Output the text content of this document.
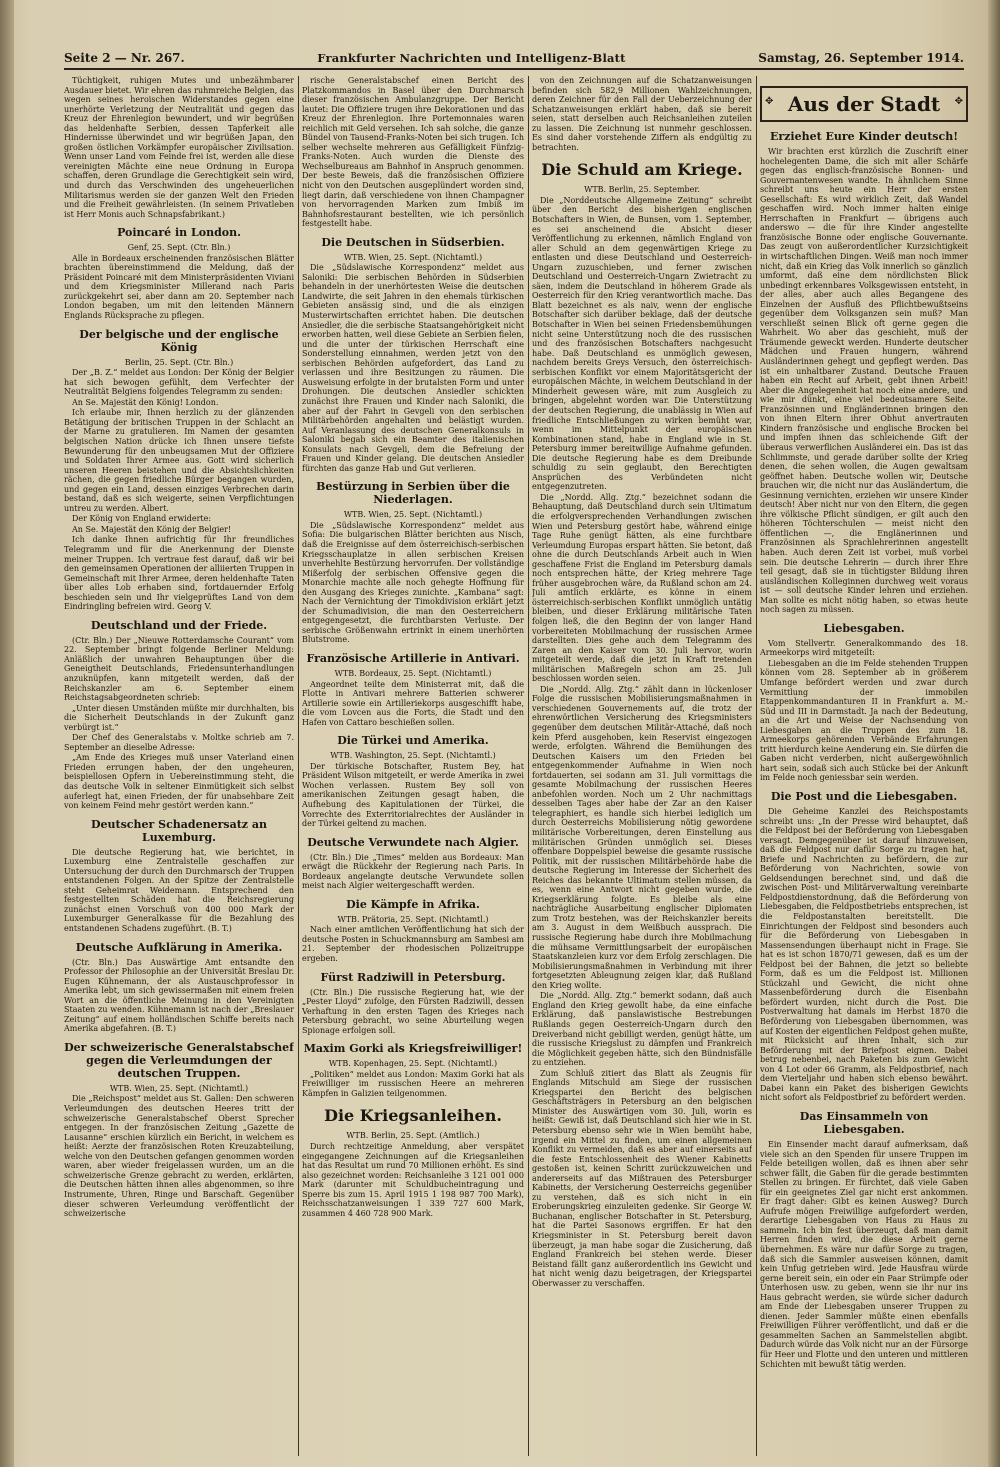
Seite 2 — Nr. 267.	Frankfurter Nachrichten und Intelligenz-Blatt	Samstag, 26. September 1914.

Tüchtigkeit, ruhigen Mutes und unbezähmbarer Ausdauer bietet. Wir ehren das ruhmreiche Belgien, das wegen seines heroischen Widerstandes gegen eine unerhörte Verletzung der Neutralität und gegen das Kreuz der Ehrenlegion bewundert, und wir begrüßen das heldenhafte Serbien, dessen Tapferkeit alle Hindernisse überwindet und wir begrüßen Japan, den großen östlichen Vorkämpfer europäischer Zivilisation. Wenn unser Land vom Feinde frei ist, werden alle diese vereinigten Mächte eine neue Ordnung in Europa schaffen, deren Grundlage die Gerechtigkeit sein wird, und durch das Verschwinden des ungeheuerlichen Militarismus werden sie der ganzen Welt den Frieden und die Freiheit gewährleisten. (In seinem Privatleben ist Herr Monis auch Schnapsfabrikant.)

Poincaré in London.

Genf, 25. Sept. (Ctr. Bln.)

Alle in Bordeaux erscheinenden französischen Blätter brachten übereinstimmend die Meldung, daß der Präsident Poincaré mit dem Ministerpräsidenten Viviani und dem Kriegsminister Millerand nach Paris zurückgekehrt sei, aber dann am 20. September nach London begaben, um mit den leitenden Männern Englands Rücksprache zu pflegen.

Der belgische und der englische König

Berlin, 25. Sept. (Ctr. Bln.)

Der „B. Z.“ meldet aus London: Der König der Belgier hat sich bewogen gefühlt, dem Verfechter der Neutralität Belgiens folgendes Telegramm zu senden:

An Se. Majestät den König! London.

Ich erlaube mir, Ihnen herzlich zu der glänzenden Betätigung der britischen Truppen in der Schlacht an der Marne zu gratulieren. Im Namen der gesamten belgischen Nation drücke ich Ihnen unsere tiefste Bewunderung für den unbeugsamen Mut der Offiziere und Soldaten Ihrer Armee aus. Gott wird sicherlich unseren Heeren beistehen und die Absichtslichkeiten rächen, die gegen friedliche Bürger begangen wurden, und gegen ein Land, dessen einziges Verbrechen darin bestand, daß es sich weigerte, seinen Verpflichtungen untreu zu werden. Albert.

Der König von England erwiderte:

An Se. Majestät den König der Belgier!

Ich danke Ihnen aufrichtig für Ihr freundliches Telegramm und für die Anerkennung der Dienste meiner Truppen. Ich vertraue fest darauf, daß wir bei den gemeinsamen Operationen der alliierten Truppen in Gemeinschaft mit Ihrer Armee, deren heldenhafte Taten über alles Lob erhaben sind, fortdauernder Erfolg beschieden sein und Ihr vielgeprüftes Land von dem Eindringling befreien wird. Georg V.

Deutschland und der Friede.

(Ctr. Bln.) Der „Nieuwe Rotterdamsche Courant“ vom 22. September bringt folgende Berliner Meldung: Anläßlich der unwahren Behauptungen über die Geneigtheit Deutschlands, Friedensunterhandlungen anzuknüpfen, kann mitgeteilt werden, daß der Reichskanzler am 6. September einem Reichstagsabgeordneten schrieb:

„Unter diesen Umständen müßte mir durchhalten, bis die Sicherheit Deutschlands in der Zukunft ganz verbürgt ist.“

Der Chef des Generalstabs v. Moltke schrieb am 7. September an dieselbe Adresse:

„Am Ende des Krieges muß unser Vaterland einen Frieden errungen haben, der den ungeheuren, beispiellosen Opfern in Uebereinstimmung steht, die das deutsche Volk in seltener Einmütigkeit sich selbst auferlegt hat, einen Frieden, der für unabsehbare Zeit von keinem Feind mehr gestört werden kann.“

Deutscher Schadenersatz an Luxemburg.

Die deutsche Regierung hat, wie berichtet, in Luxemburg eine Zentralstelle geschaffen zur Untersuchung der durch den Durchmarsch der Truppen entstandenen Folgen. An der Spitze der Zentralstelle steht Geheimrat Weidemann. Entsprechend den festgestellten Schäden hat die Reichsregierung zunächst einen Vorschuß von 400 000 Mark der Luxemburger Generalkasse für die Bezahlung des entstandenen Schadens zugeführt. (B. T.)

Deutsche Aufklärung in Amerika.

(Ctr. Bln.) Das Auswärtige Amt entsandte den Professor der Philosophie an der Universität Breslau Dr. Eugen Kühnemann, der als Austauschprofessor in Amerika lebt, um sich gewissermaßen mit einem freien Wort an die öffentliche Meinung in den Vereinigten Staaten zu wenden. Kühnemann ist nach der „Breslauer Zeitung“ auf einem holländischen Schiffe bereits nach Amerika abgefahren. (B. T.)

Der schweizerische Generalstabschef gegen die Verleumdungen der deutschen Truppen.

WTB. Wien, 25. Sept. (Nichtamtl.)

Die „Reichspost“ meldet aus St. Gallen: Den schweren Verleumdungen des deutschen Heeres tritt der schweizerische Generalstabschef Oberst Sprecher entgegen. In der französischen Zeitung „Gazette de Lausanne“ erschien kürzlich ein Bericht, in welchem es heißt: Aerzte der französischen Roten Kreuzabteilung, welche von den Deutschen gefangen genommen worden waren, aber wieder freigelassen wurden, um an die schweizerische Grenze gebracht zu werden, erklärten, die Deutschen hätten ihnen alles abgenommen, so ihre Instrumente, Uhren, Ringe und Barschaft. Gegenüber dieser schweren Verleumdung veröffentlicht der schweizerische

rische Generalstabschef einen Bericht des Platzkommandos in Basel über den Durchmarsch dieser französischen Ambulanzgruppe. Der Bericht lautet: Die Offiziere trugen ihre Dekorationen und das Kreuz der Ehrenlegion. Ihre Portemonnaies waren reichlich mit Geld versehen. Ich sah solche, die ganze Bündel von Tausend-Franks-Noten bei sich trugen. Ich selber wechselte mehreren aus Gefälligkeit Fünfzig-Franks-Noten. Auch wurden die Dienste des Wechselbureaus am Bahnhof in Anspruch genommen. Der beste Beweis, daß die französischen Offiziere nicht von den Deutschen ausgeplündert worden sind, liegt darin, daß verschiedene von ihnen Champagner von hervorragenden Marken zum Imbiß im Bahnhofsrestaurant bestellten, wie ich persönlich festgestellt habe.

Die Deutschen in Südserbien.

WTB. Wien, 25. Sept. (Nichtamtl.)

Die „Südslawische Korrespondenz“ meldet aus Saloniki: Die serbischen Behörden in Südserbien behandeln in der unerhörtesten Weise die deutschen Landwirte, die seit Jahren in den ehemals türkischen Gebieten ansässig sind, und die als einzigen Musterwirtschaften errichtet haben. Die deutschen Ansiedler, die die serbische Staatsangehörigkeit nicht erworben hatten, weil diese Gebiete an Serbien fielen, und die unter der türkischen Herrschaft eine Sonderstellung einnahmen, werden jetzt von den serbischen Behörden aufgefordert, das Land zu verlassen und ihre Besitzungen zu räumen. Die Ausweisung erfolgte in der brutalsten Form und unter Drohungen. Die deutschen Ansiedler schickten zunächst ihre Frauen und Kinder nach Saloniki, die aber auf der Fahrt in Gevgeli von den serbischen Militärbehörden angehalten und belästigt wurden. Auf Veranlassung des deutschen Generalkonsuls in Saloniki begab sich ein Beamter des italienischen Konsulats nach Gevgeli, dem die Befreiung der Frauen und Kinder gelang. Die deutschen Ansiedler fürchten das ganze Hab und Gut verlieren.

Bestürzung in Serbien über die Niederlagen.

WTB. Wien, 25. Sept. (Nichtamtl.)

Die „Südslawische Korrespondenz“ meldet aus Sofia: Die bulgarischen Blätter berichten aus Nisch, daß die Ereignisse auf dem österreichisch-serbischen Kriegsschauplatze in allen serbischen Kreisen unverhehlte Bestürzung hervorrufen. Der vollständige Mißerfolg der serbischen Offensive gegen die Monarchie machte alle noch gehegte Hoffnung für den Ausgang des Krieges zunichte. „Kambana“ sagt: Nach der Vernichtung der Timokdivision erklärt jetzt der Schumadivision, die man den Oesterreichern entgegengesetzt, die furchtbarsten Verluste. Der serbische Größenwahn ertrinkt in einem unerhörten Blutstrome.

Französische Artillerie in Antivari.

WTB. Bordeaux, 25. Sept. (Nichtamtl.)

Angeordnet teilte dem Ministerrat mit, daß die Flotte in Antivari mehrere Batterien schwerer Artillerie sowie ein Artilleriekorps ausgeschifft habe, die vom Lovcen aus die Forts, die Stadt und den Hafen von Cattaro beschießen sollen.

Die Türkei und Amerika.

WTB. Washington, 25. Sept. (Nichtamtl.)

Der türkische Botschafter, Rustem Bey, hat Präsident Wilson mitgeteilt, er werde Amerika in zwei Wochen verlassen. Rustem Bey soll von amerikanischen Zeitungen gesagt haben, die Aufhebung des Kapitulationen der Türkei, die Vorrechte des Exterritorialrechtes der Ausländer in der Türkei geltend zu machen.

Deutsche Verwundete nach Algier.

(Ctr. Bln.) Die „Times“ melden aus Bordeaux: Man erwägt die Rückkehr der Regierung nach Paris. In Bordeaux angelangte deutsche Verwundete sollen meist nach Algier weitergeschafft werden.

Die Kämpfe in Afrika.

WTB. Prätoria, 25. Sept. (Nichtamtl.)

Nach einer amtlichen Veröffentlichung hat sich der deutsche Posten in Schuckmannsburg am Sambesi am 21. September der rhodesischen Polizeitruppe ergeben.

Fürst Radziwill in Petersburg.

(Ctr. Bln.) Die russische Regierung hat, wie der „Pester Lloyd“ zufolge, den Fürsten Radziwill, dessen Verhaftung in den ersten Tagen des Krieges nach Petersburg gebracht, wo seine Aburteilung wegen Spionage erfolgen soll.

Maxim Gorki als Kriegsfreiwilliger!

WTB. Kopenhagen, 25. Sept. (Nichtamtl.)

„Politiken“ meldet aus London: Maxim Gorki hat als Freiwilliger im russischen Heere an mehreren Kämpfen in Galizien teilgenommen.

Die Kriegsanleihen.

WTB. Berlin, 25. Sept. (Amtlich.)

Durch rechtzeitige Anmeldung, aber verspätet eingegangene Zeichnungen auf die Kriegsanleihen hat das Resultat um rund 70 Millionen erhöht. Es sind also gezeichnet worden: Reichsanleihe 3 121 001 000 Mark (darunter mit Schuldbucheintragung und Sperre bis zum 15. April 1915 1 198 987 700 Mark), Reichsschatzanweisungen 1 339 727 600 Mark, zusammen 4 460 728 900 Mark.

von den Zeichnungen auf die Schatzanweisungen befinden sich 582,9 Millionen Wahlzeichnungen, deren Zeichner für den Fall der Ueberzeichnung der Schatzanweisungen erklärt haben, daß sie bereit seien, statt derselben auch Reichsanleihen zuteilen zu lassen. Die Zeichnung ist nunmehr geschlossen. Es sind daher vorstehende Ziffern als endgültig zu betrachten.

Die Schuld am Kriege.

WTB. Berlin, 25. September.

Die „Norddeutsche Allgemeine Zeitung“ schreibt über den Bericht des bisherigen englischen Botschafters in Wien, de Bunsen, vom 1. September, es sei anscheinend die Absicht dieser Veröffentlichung zu erkennen, nämlich England von aller Schuld an dem gegenwärtigen Kriege zu entlasten und diese Deutschland und Oesterreich-Ungarn zuzuschieben, und ferner zwischen Deutschland und Oesterreich-Ungarn Zwietracht zu säen, indem die Deutschland in höherem Grade als Oesterreich für den Krieg verantwortlich mache. Das Blatt bezeichnet es als naiv, wenn der englische Botschafter sich darüber beklage, daß der deutsche Botschafter in Wien bei seinen Friedensbemühungen nicht seine Unterstützung noch die des russischen und des französischen Botschafters nachgesucht habe. Daß Deutschland es unmöglich gewesen, nachdem bereits Greys Versuch, den österreichisch-serbischen Konflikt vor einem Majoritätsgericht der europäischen Mächte, in welchem Deutschland in der Minderheit gewesen wäre, mit zum Ausgleich zu bringen, abgelehnt worden war. Die Unterstützung der deutschen Regierung, die unablässig in Wien auf friedliche Entschließungen zu wirken bemüht war, wenn im Mittelpunkt der europäischen Kombinationen stand, habe in England wie in St. Petersburg immer bereitwillige Aufnahme gefunden. Die deutsche Regierung habe es dem Dreibunde schuldig zu sein geglaubt, den Berechtigten Ansprüchen des Verbündeten nicht entgegenzutreten.

Die „Nordd. Allg. Ztg.“ bezeichnet sodann die Behauptung, daß Deutschland durch sein Ultimatum die erfolgversprechenden Verhandlungen zwischen Wien und Petersburg gestört habe, während einige Tage Ruhe genügt hätten, als eine furchtbare Verleumdung Europas erspart hätten. Sie betont, daß ohne die durch Deutschlands Arbeit auch in Wien geschaffene Frist die England im Petersburg damals noch entsprechen hätte, der Krieg mehrere Tage früher ausgebrochen wäre, da Rußland schon am 24. Juli amtlich erklärte, es könne in einem österreichisch-serbischen Konflikt unmöglich untätig bleiben, und dieser Erklärung militärische Taten folgen ließ, die den Beginn der von langer Hand vorbereiteten Mobilmachung der russischen Armee darstellten. Dies gehe auch dem Telegramm des Zaren an den Kaiser vom 30. Juli hervor, worin mitgeteilt werde, daß die jetzt in Kraft tretenden militärischen Maßregeln schon am 25. Juli beschlossen worden seien.

Die „Nordd. Allg. Ztg.“ zählt dann in lückenloser Folge die russischen Mobilisierungsmaßnahmen in verschiedenen Gouvernements auf, die trotz der ehrenwörtlichen Versicherung des Kriegsministers gegenüber dem deutschen Militär-Attaché, daß noch kein Pferd ausgehoben, kein Reservist eingezogen werde, erfolgten. Während die Bemühungen des Deutschen Kaisers um den Frieden bei entgegenkommender Aufnahme in Wien noch fortdauerten, sei sodann am 31. Juli vormittags die gesamte Mobilmachung der russischen Heeres anbefohlen worden. Noch um 2 Uhr nachmittags desselben Tages aber habe der Zar an den Kaiser telegraphiert, es handle sich hierbei lediglich um durch Oesterreichs Mobilisierung nötig gewordene militärische Vorbereitungen, deren Einstellung aus militärischen Gründen unmöglich sei. Dieses offenbare Doppelspiel beweise die gesamte russische Politik, mit der russischen Militärbehörde habe die deutsche Regierung im Interesse der Sicherheit des Reiches das bekannte Ultimatum stellen müssen, da es, wenn eine Antwort nicht gegeben wurde, die Kriegserklärung folgte. Es bleibe als eine nachträgliche Ausarbeitung englischer Diplomaten zum Trotz bestehen, was der Reichskanzler bereits am 3. August in dem Weißbuch aussprach. Die russische Regierung habe durch ihre Mobilmachung die mühsame Vermittlungsarbeit der europäischen Staatskanzleien kurz vor dem Erfolg zerschlagen. Die Mobilisierungsmaßnahmen in Verbindung mit ihrer fortgesetzten Ableugnung zeigen klar, daß Rußland den Krieg wollte.

Die „Nordd. Allg. Ztg.“ bemerkt sodann, daß auch England den Krieg gewollt habe, da eine einfache Erklärung, daß panslawistische Bestrebungen Rußlands gegen Oesterreich-Ungarn durch den Dreiverband nicht gebilligt werden, genügt hätte, um die russische Kriegslust zu dämpfen und Frankreich die Möglichkeit gegeben hätte, sich den Bündnisfälle zu entziehen.

Zum Schluß zitiert das Blatt als Zeugnis für Englands Mitschuld am Siege der russischen Kriegspartei den Bericht des belgischen Geschäftsträgers in Petersburg an den belgischen Minister des Auswärtigen vom 30. Juli, worin es heißt: Gewiß ist, daß Deutschland sich hier wie in St. Petersburg ebenso sehr wie in Wien bemüht habe, irgend ein Mittel zu finden, um einen allgemeinen Konflikt zu vermeiden, daß es aber auf einerseits auf die feste Entschlossenheit des Wiener Kabinetts gestoßen ist, keinen Schritt zurückzuweichen und andererseits auf das Mißtrauen des Petersburger Kabinetts, der Versicherung Oesterreichs gegenüber zu verstehen, daß es sich nicht in ein Eroberungskrieg einzuleiten gedenke. Sir George W. Buchanan, englischer Botschafter in St. Petersburg, hat die Partei Sasonows ergriffen. Er hat den Kriegsminister in St. Petersburg bereit davon überzeugt, ja man habe sogar die Zusicherung, daß England Frankreich bei stehen werde. Dieser Beistand fällt ganz außerordentlich ins Gewicht und hat nicht wenig dazu beigetragen, der Kriegspartei Oberwasser zu verschaffen.

✥ Aus der Stadt	✥
Erziehet Eure Kinder deutsch!

Wir brachten erst kürzlich die Zuschrift einer hochelegenten Dame, die sich mit aller Schärfe gegen das englisch-französische Bonnen- und Gouvernantenwesen wandte. In ähnlichem Sinne schreibt uns heute ein Herr der ersten Gesellschaft: Es wird wirklich Zeit, daß Wandel geschaffen wird. Noch immer halten einige Herrschaften in Frankfurt — übrigens auch anderswo — die für ihre Kinder angestellte französische Bonne oder englische Gouvernante. Das zeugt von außerordentlicher Kurzsichtigkeit in wirtschaftlichen Dingen. Weiß man noch immer nicht, daß ein Krieg das Volk innerlich so gänzlich umformt, daß eine dem nördlichsten Blick unbedingt erkennbares Volksgewissen entsteht, in der alles, aber auch alles Begangene des Einzelnen der Ausfluß des Pflichtbewußtseins gegenüber dem Volksganzen sein muß? Man verschließt seinen Blick oft gerne gegen die Wahrheit. Wo aber das geschieht, muß der Träumende geweckt werden. Hunderte deutscher Mädchen und Frauen hungern, während Ausländerinnen gehegt und gepflegt werden. Das ist ein unhaltbarer Zustand. Deutsche Frauen haben ein Recht auf Arbeit, gebt ihnen Arbeit! Aber die Angelegenheit hat noch eine andere, und wie mir dünkt, eine viel bedeutsamere Seite. Französinnen und Engländerinnen bringen den von ihnen Eltern ihrer Obhut anvertrauten Kindern französische und englische Brocken bei und impfen ihnen das schleichende Gift der überaus verwerflichen Ausländerei ein. Das ist das Schlimmste, und gerade darüber sollte der Krieg denen, die sehen wollen, die Augen gewaltsam geöffnet haben. Deutsche wollen wir, Deutsche brauchen wir, die nicht nur das Ausländertum, die Gesinnung vernichten, erziehen wir unsere Kinder deutsch! Aber nicht nur von den Eltern, die gegen ihre völkische Pflicht sündigen, er gilt auch den höheren Töchterschulen — meist nicht den öffentlichen —, die Englänerinnen und Französinnen als Sprachlehrerinnen angestellt haben. Auch deren Zeit ist vorbei, muß vorbei sein. Die deutsche Lehrerin — durch ihrer Ehre teil gesagt, daß sie in tüchtigster Bildung ihren ausländischen Kolleginnen durchweg weit voraus ist — soll deutsche Kinder lehren und erziehen. Man sollte es nicht nötig haben, so etwas heute noch sagen zu müssen.

Liebesgaben.

Vom Stellvertr. Generalkommando des 18. Armeekorps wird mitgeteilt:

Liebesgaben an die im Felde stehenden Truppen können vom 28. September ab in größerem Umfange befördert werden und zwar durch Vermittlung der immobilen Etappenkommandanturen II in Frankfurt a. M.-Süd und III in Darmstadt. Ja nach der Bedeutung, an die Art und Weise der Nachsendung von Liebesgaben an die Truppen des zum 18. Armeekorps gehörenden Verbände Erfahrungen tritt hierdurch keine Aenderung ein. Sie dürfen die Gaben nicht verderben, nicht außergewöhnlich hart sein, sodaß sich auch Stücke bei der Ankunft im Felde noch geniessbar sein werden.

Die Post und die Liebesgaben.

Die Geheime Kanzlei des Reichspostamts schreibt uns: „In der Presse wird behauptet, daß die Feldpost bei der Beförderung von Liebesgaben versagt. Demgegenüber ist darauf hinzuweisen, daß die Feldpost nur dafür Sorge zu tragen hat, Briefe und Nachrichten zu befördern, die zur Beförderung von Nachrichten, sowie von Geldsendungen berechnet sind, und daß die zwischen Post- und Militärverwaltung vereinbarte Feldpostdienstordnung, daß die Beförderung von Liebesgaben, die Feldpostbetriebs entsprechen, ist die Feldpostanstalten bereitstellt. Die Einrichtungen der Feldpost sind besonders auch für die Beförderung von Liebesgaben in Massensendungen überhaupt nicht in Frage. Sie hat es ist schon 1870/71 gewesen, daß es um der Feldpost bei der Bahnen, die jetzt so beliebte Form, daß es um die Feldpost ist. Millionen Stückzahl und Gewicht, die nicht ohne Massenbeförderung durch die Eisenbahn befördert wurden, nicht durch die Post. Die Postverwaltung hat damals im Herbst 1870 die Beförderung von Liebesgaben übernommen, was auf Kosten der eigentlichen Feldpost gehen mußte, mit Rücksicht auf ihren Inhalt, sich zur Beförderung mit der Briefpost eignen. Dabei betrug nebenbei, nach Paketen bis zum Gewicht von 4 Lot oder 66 Gramm, als Feldpostbrief, nach dem Vierteljahr und haben sich ebenso bewährt. Dabei kann ein Paket des bisherigen Gewichts nicht sofort als Feldpostbrief zu befördert werden.

Das Einsammeln von Liebesgaben.

Ein Einsender macht darauf aufmerksam, daß viele sich an den Spenden für unsere Truppen im Felde beteiligen wollen, daß es ihnen aber sehr schwer fällt, die Gaben für die gerade bestimmten Stellen zu bringen. Er fürchtet, daß viele Gaben für ein geeignetes Ziel gar nicht erst ankommen. Er fragt daher: Gibt es keinen Ausweg? Durch Aufrufe mögen Freiwillige aufgefordert werden, derartige Liebesgaben von Haus zu Haus zu sammeln. Ich bin fest überzeugt, daß man damit Herren finden wird, die diese Arbeit gerne übernehmen. Es wäre nur dafür Sorge zu tragen, daß sich die Sammler ausweisen können, damit kein Unfug getrieben wird. Jede Hausfrau würde gerne bereit sein, ein oder ein Paar Strümpfe oder Unterhosen usw. zu geben, wenn sie ihr nur ins Haus gebracht werden, sie würde sicher dadurch am Ende der Liebesgaben unserer Truppen zu dienen. Jeder Sammler müßte einen ebenfalls Freiwilligen Führer veröffentlicht, und daß er die gesammelten Sachen an Sammelstellen abgibt. Dadurch würde das Volk nicht nur an der Fürsorge für Heer und Flotte und den unteren und mittleren Schichten mit bewußt tätig werden.
